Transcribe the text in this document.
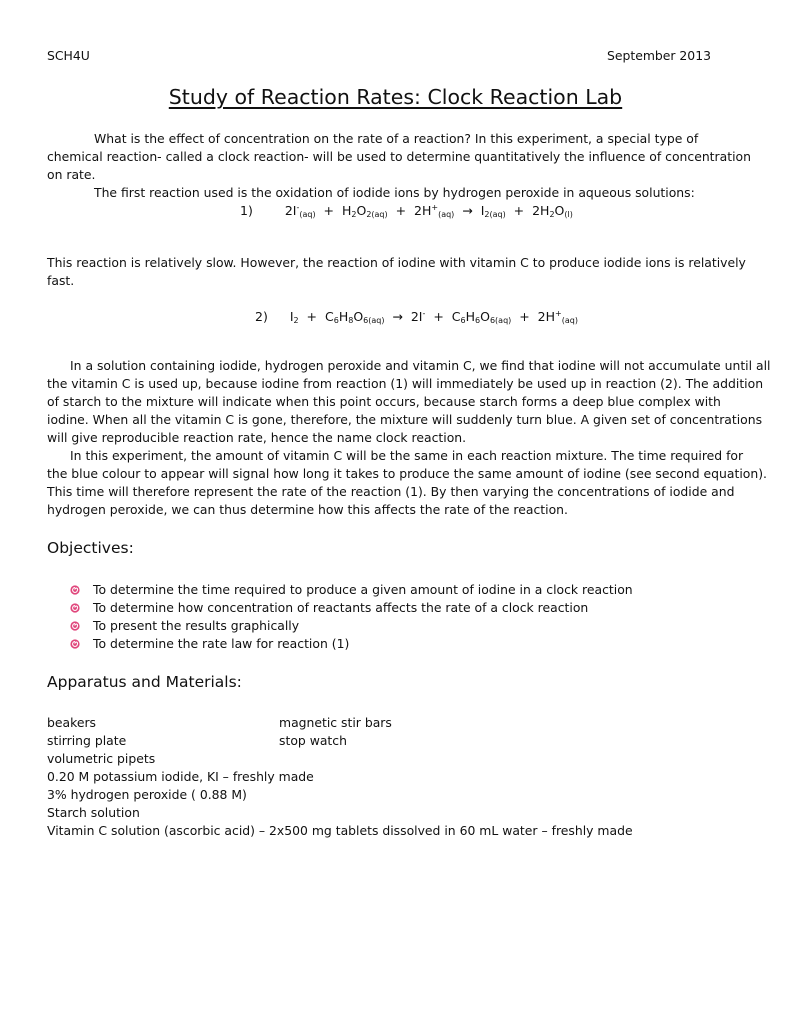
SCH4U	September 2013
Study of Reaction Rates: Clock Reaction Lab
What is the effect of concentration on the rate of a reaction? In this experiment, a special type of
chemical reaction- called a clock reaction- will be used to determine quantitatively the influence of concentration
on rate.
The first reaction used is the oxidation of iodide ions by hydrogen peroxide in aqueous solutions:
1)	$2I^-_{(aq)} + H_2O_{2(aq)} + 2H^+_{(aq)} \to I_{2(aq)} + 2H_2O_{(l)}$
This reaction is relatively slow. However, the reaction of iodine with vitamin C to produce iodide ions is relatively
fast.
2) $I_2 + C_6H_8O_{6(aq)} \to 2I^- + C_6H_6O_{6(aq)} + 2H^+_{(aq)}$
In a solution containing iodide, hydrogen peroxide and vitamin C, we find that iodine will not accumulate until all
the vitamin C is used up, because iodine from reaction (1) will immediately be used up in reaction (2). The addition
of starch to the mixture will indicate when this point occurs, because starch forms a deep blue complex with
iodine. When all the vitamin C is gone, therefore, the mixture will suddenly turn blue. A given set of concentrations
will give reproducible reaction rate, hence the name clock reaction.
In this experiment, the amount of vitamin C will be the same in each reaction mixture. The time required for
the blue colour to appear will signal how long it takes to produce the same amount of iodine (see second equation).
This time will therefore represent the rate of the reaction (1). By then varying the concentrations of iodide and
hydrogen peroxide, we can thus determine how this affects the rate of the reaction.
Objectives:
To determine the time required to produce a given amount of iodine in a clock reaction
To determine how concentration of reactants affects the rate of a clock reaction
To present the results graphically
To determine the rate law for reaction (1)
Apparatus and Materials:
beakers	magnetic stir bars
stirring plate	stop watch
volumetric pipets
0.20 M potassium iodide, KI – freshly made
3% hydrogen peroxide ( 0.88 M)
Starch solution
Vitamin C solution (ascorbic acid) – 2x500 mg tablets dissolved in 60 mL water – freshly made
